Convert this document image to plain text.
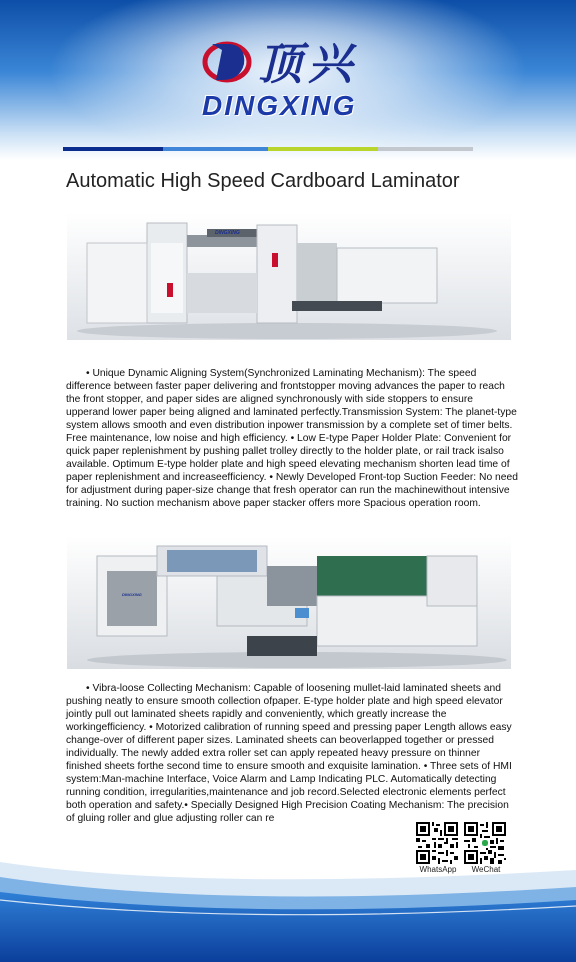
顶兴
DINGXING
Automatic High Speed Cardboard Laminator
DINGXING

• Unique Dynamic Aligning System(Synchronized Laminating Mechanism): The speed difference between faster paper delivering and frontstopper moving advances the paper to reach the front stopper, and paper sides are aligned synchronously with side stoppers to ensure upperand lower paper being aligned and laminated perfectly.Transmission System: The planet-type system allows smooth and even distribution inpower transmission by a complete set of timer belts. Free maintenance, low noise and high efficiency. • Low E-type Paper Holder Plate: Convenient for quick paper replenishment by pushing pallet trolley directly to the holder plate, or rail track isalso available. Optimum E-type holder plate and high speed elevating mechanism shorten lead time of paper replenishment and increaseefficiency. • Newly Developed Front-top Suction Feeder: No need for adjustment during paper-size change that fresh operator can run the machinewithout intensive training. No suction mechanism above paper stacker offers more Spacious operation room.

DINGXING

• Vibra-loose Collecting Mechanism: Capable of loosening mullet-laid laminated sheets and pushing neatly to ensure smooth collection ofpaper. E-type holder plate and high speed elevator jointly pull out laminated sheets rapidly and conveniently, which greatly increase the workingefficiency. • Motorized calibration of running speed and pressing paper Length allows easy change-over of different paper sizes. Laminated sheets can beoverlapped together or pressed individually. The newly added extra roller set can apply repeated heavy pressure on thinner finished sheets forthe second time to ensure smooth and exquisite lamination. • Three sets of HMI system:Man-machine Interface, Voice Alarm and Lamp Indicating PLC. Automatically detecting running condition, irregularities,maintenance and job record.Selected electronic elements perfect both operation and safety.• Specially Designed High Precision Coating Mechanism: The precision of gluing roller and glue adjusting roller can re

WhatsApp	WeChat
